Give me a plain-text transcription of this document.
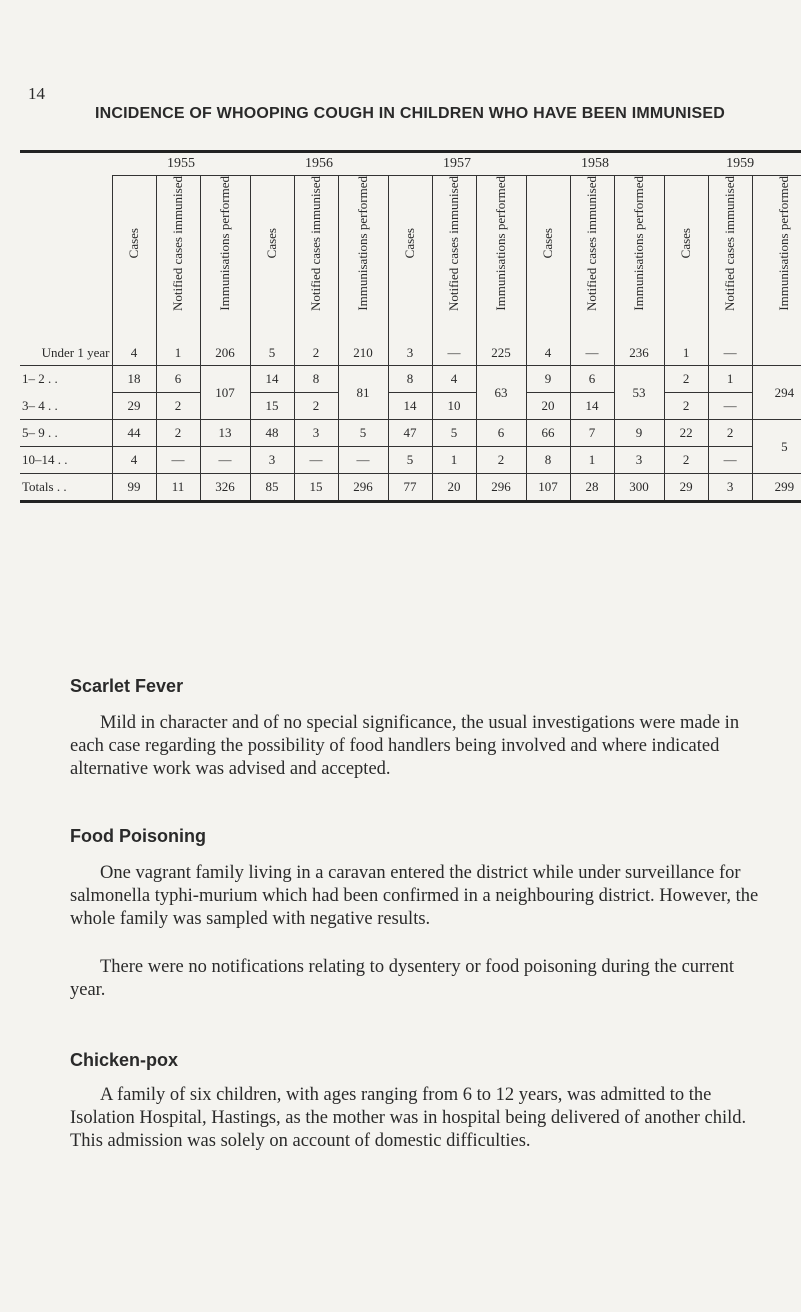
14
INCIDENCE OF WHOOPING COUGH IN CHILDREN WHO HAVE BEEN IMMUNISED
	1955			1956			1957			1958			1959		
	Cases	Notified cases immunised	Immunisations performed	Cases	Notified cases immunised	Immunisations performed	Cases	Notified cases immunised	Immunisations performed	Cases	Notified cases immunised	Immunisations performed	Cases	Notified cases immunised	Immunisations performed
Under 1 year	4	1	206	5	2	210	3	—	225	4	—	236	1	—	
1– 2 . .	18	6	107	14	8	81	8	4	63	9	6	53	2	1	294
3– 4 . .	29	2		15	2		14	10		20	14		2	—	
5– 9 . .	44	2	13	48	3	5	47	5	6	66	7	9	22	2	5
10–14 . .	4	—	—	3	—	—	5	1	2	8	1	3	2	—	
Totals . .	99	11	326	85	15	296	77	20	296	107	28	300	29	3	299
Scarlet Fever

Mild in character and of no special significance, the usual investigations were made in each case regarding the possibility of food handlers being involved and where indicated alternative work was advised and accepted.

Food Poisoning

One vagrant family living in a caravan entered the district while under surveillance for salmonella typhi-murium which had been confirmed in a neighbouring district. However, the whole family was sampled with negative results.

There were no notifications relating to dysentery or food poisoning during the current year.

Chicken-pox

A family of six children, with ages ranging from 6 to 12 years, was admitted to the Isolation Hospital, Hastings, as the mother was in hospital being delivered of another child. This admission was solely on account of domestic difficulties.
